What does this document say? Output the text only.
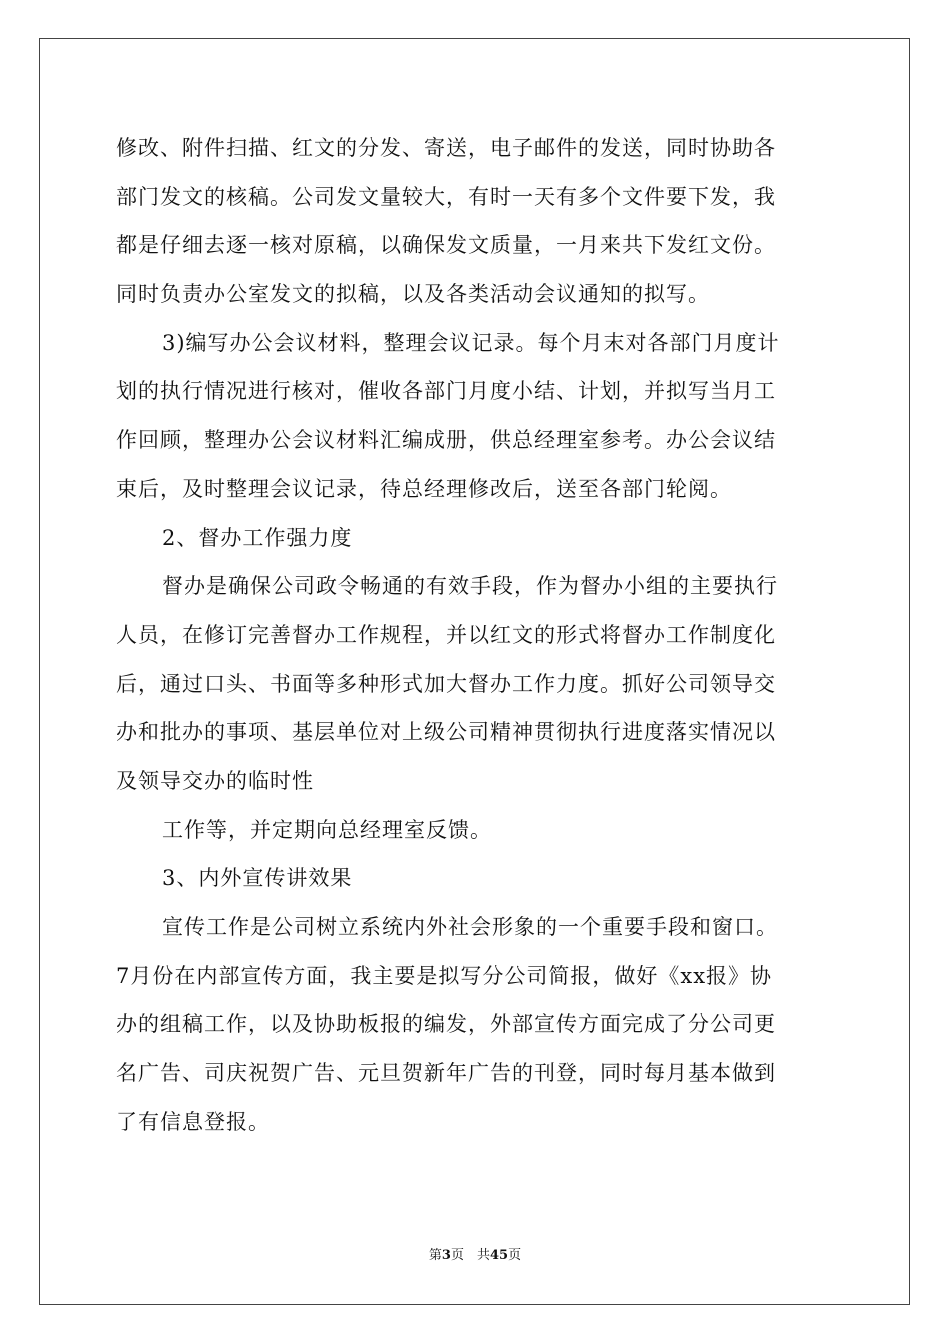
修改、附件扫描、红文的分发、寄送，电子邮件的发送，同时协助各
部门发文的核稿。公司发文量较大，有时一天有多个文件要下发，我
都是仔细去逐一核对原稿，以确保发文质量，一月来共下发红文份。
同时负责办公室发文的拟稿，以及各类活动会议通知的拟写。
3)编写办公会议材料，整理会议记录。每个月末对各部门月度计
划的执行情况进行核对，催收各部门月度小结、计划，并拟写当月工
作回顾，整理办公会议材料汇编成册，供总经理室参考。办公会议结
束后，及时整理会议记录，待总经理修改后，送至各部门轮阅。
2、督办工作强力度
督办是确保公司政令畅通的有效手段，作为督办小组的主要执行
人员，在修订完善督办工作规程，并以红文的形式将督办工作制度化
后，通过口头、书面等多种形式加大督办工作力度。抓好公司领导交
办和批办的事项、基层单位对上级公司精神贯彻执行进度落实情况以
及领导交办的临时性
工作等，并定期向总经理室反馈。
3、内外宣传讲效果
宣传工作是公司树立系统内外社会形象的一个重要手段和窗口。
7月份在内部宣传方面，我主要是拟写分公司简报，做好《xx报》协
办的组稿工作，以及协助板报的编发，外部宣传方面完成了分公司更
名广告、司庆祝贺广告、元旦贺新年广告的刊登，同时每月基本做到
了有信息登报。
第3页　共45页
